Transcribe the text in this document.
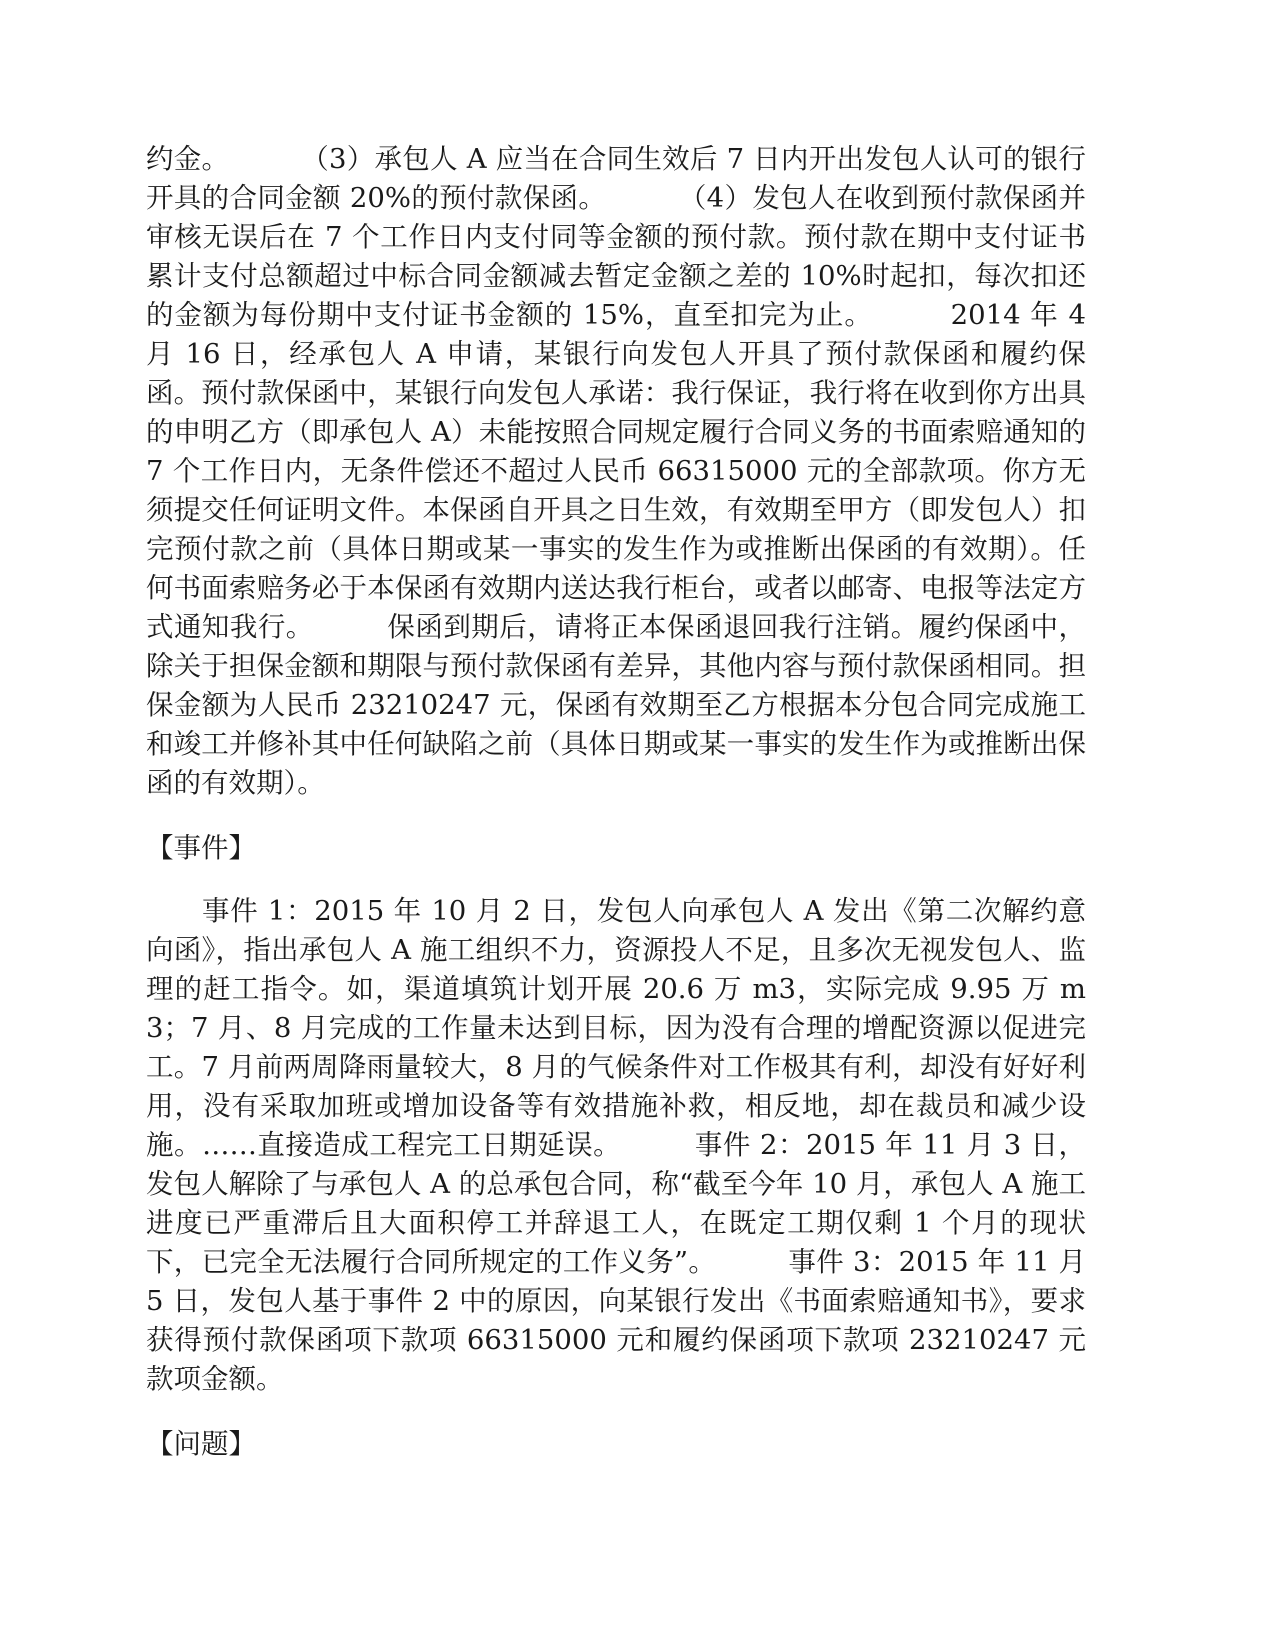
约金。        （3）承包人 A 应当在合同生效后 7 日内开出发包人认可的银行开具的合同金额 20%的预付款保函。        （4）发包人在收到预付款保函并审核无误后在 7 个工作日内支付同等金额的预付款。预付款在期中支付证书累计支付总额超过中标合同金额减去暂定金额之差的 10%时起扣，每次扣还的金额为每份期中支付证书金额的 15%，直至扣完为止。        2014 年 4 月 16 日，经承包人 A 申请，某银行向发包人开具了预付款保函和履约保函。预付款保函中，某银行向发包人承诺：我行保证，我行将在收到你方出具的申明乙方（即承包人 A）未能按照合同规定履行合同义务的书面索赔通知的 7 个工作日内，无条件偿还不超过人民币 66315000 元的全部款项。你方无须提交任何证明文件。本保函自开具之日生效，有效期至甲方（即发包人）扣完预付款之前（具体日期或某一事实的发生作为或推断出保函的有效期）。任何书面索赔务必于本保函有效期内送达我行柜台，或者以邮寄、电报等法定方式通知我行。        保函到期后，请将正本保函退回我行注销。履约保函中，除关于担保金额和期限与预付款保函有差异，其他内容与预付款保函相同。担保金额为人民币 23210247 元，保函有效期至乙方根据本分包合同完成施工和竣工并修补其中任何缺陷之前（具体日期或某一事实的发生作为或推断出保函的有效期）。

【事件】

事件 1：2015 年 10 月 2 日，发包人向承包人 A 发出《第二次解约意向函》，指出承包人 A 施工组织不力，资源投人不足，且多次无视发包人、监理的赶工指令。如，渠道填筑计划开展 20.6 万 m3，实际完成 9.95 万 m3；7 月、8 月完成的工作量未达到目标，因为没有合理的增配资源以促进完工。7 月前两周降雨量较大，8 月的气候条件对工作极其有利，却没有好好利用，没有采取加班或增加设备等有效措施补救，相反地，却在裁员和减少设施。……直接造成工程完工日期延误。        事件 2：2015 年 11 月 3 日，发包人解除了与承包人 A 的总承包合同，称“截至今年 10 月，承包人 A 施工进度已严重滞后且大面积停工并辞退工人，在既定工期仅剩 1 个月的现状下，已完全无法履行合同所规定的工作义务”。        事件 3：2015 年 11 月 5 日，发包人基于事件 2 中的原因，向某银行发出《书面索赔通知书》，要求获得预付款保函项下款项 66315000 元和履约保函项下款项 23210247 元款项金额。

【问题】
